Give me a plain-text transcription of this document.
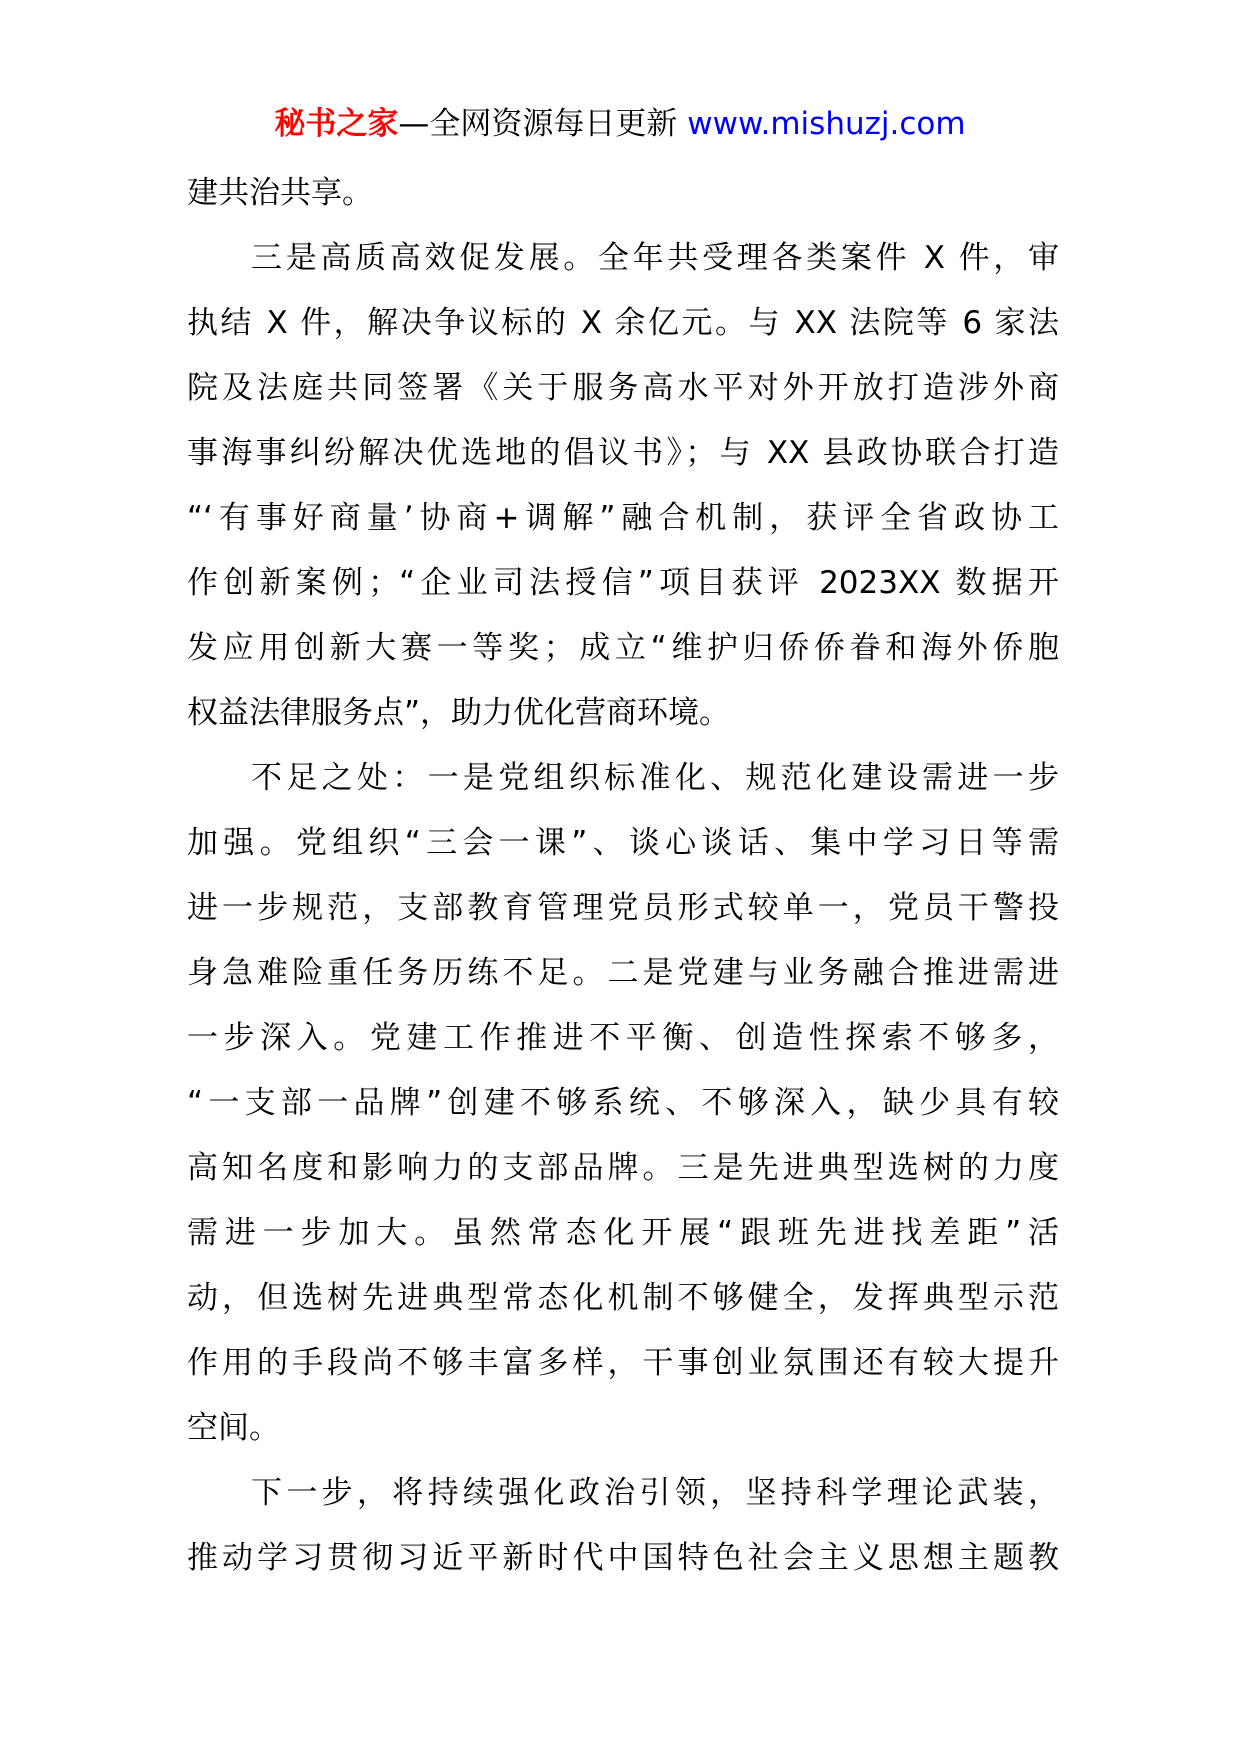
秘书之家—全网资源每日更新 www.mishuzj.com
建共治共享。
三是高质高效促发展。全年共受理各类案件 X 件，审
执结 X 件，解决争议标的 X 余亿元。与 XX 法院等 6 家法
院及法庭共同签署《关于服务高水平对外开放打造涉外商
事海事纠纷解决优选地的倡议书》；与 XX 县政协联合打造
“‘有事好商量’协商+调解”融合机制，获评全省政协工
作创新案例；“企业司法授信”项目获评 2023XX 数据开
发应用创新大赛一等奖；成立“维护归侨侨眷和海外侨胞
权益法律服务点”，助力优化营商环境。
不足之处：一是党组织标准化、规范化建设需进一步
加强。党组织“三会一课”、谈心谈话、集中学习日等需
进一步规范，支部教育管理党员形式较单一，党员干警投
身急难险重任务历练不足。二是党建与业务融合推进需进
一步深入。党建工作推进不平衡、创造性探索不够多，
“一支部一品牌”创建不够系统、不够深入，缺少具有较
高知名度和影响力的支部品牌。三是先进典型选树的力度
需进一步加大。虽然常态化开展“跟班先进找差距”活
动，但选树先进典型常态化机制不够健全，发挥典型示范
作用的手段尚不够丰富多样，干事创业氛围还有较大提升
空间。
下一步，将持续强化政治引领，坚持科学理论武装，
推动学习贯彻习近平新时代中国特色社会主义思想主题教
